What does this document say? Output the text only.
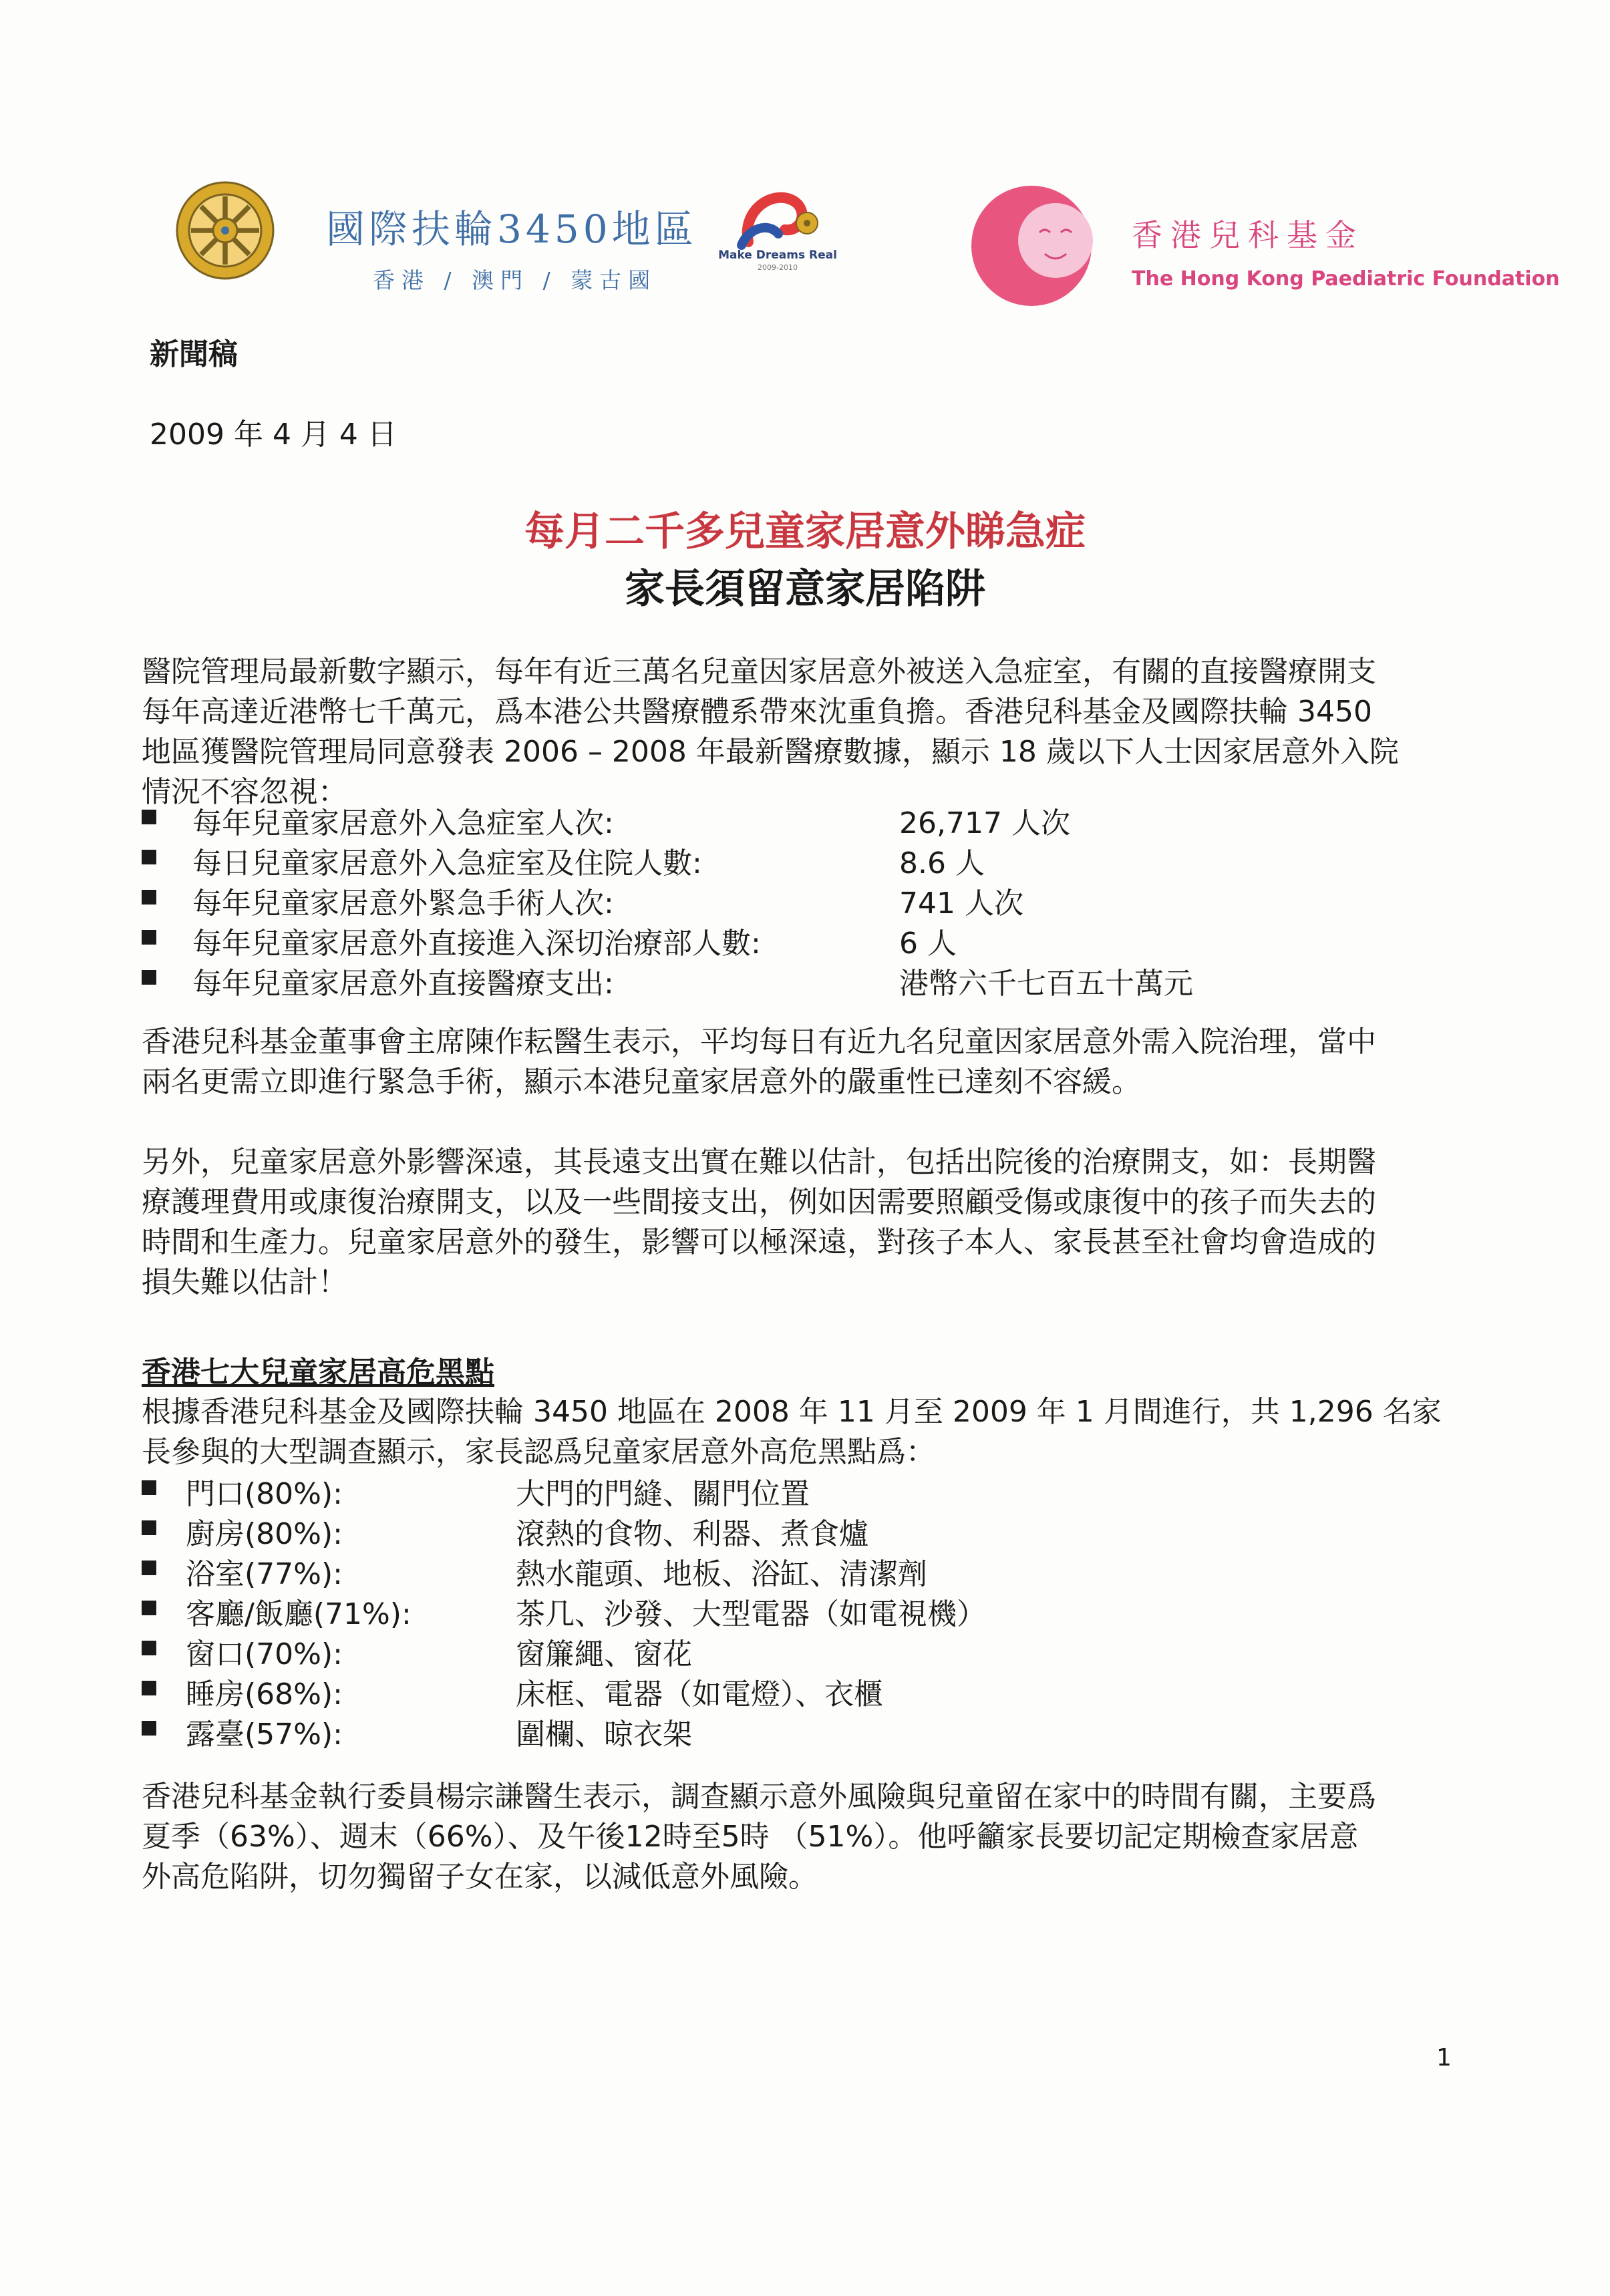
國際扶輪3450地區
香港 / 澳門 / 蒙古國
Make Dreams Real
2009-2010
香港兒科基金
The Hong Kong Paediatric Foundation
新聞稿
2009 年 4 月 4 日
每月二千多兒童家居意外睇急症
家長須留意家居陷阱
醫院管理局最新數字顯示，每年有近三萬名兒童因家居意外被送入急症室，有關的直接醫療開支
每年高達近港幣七千萬元，爲本港公共醫療體系帶來沈重負擔。香港兒科基金及國際扶輪 3450
地區獲醫院管理局同意發表 2006 – 2008 年最新醫療數據，顯示 18 歲以下人士因家居意外入院
情況不容忽視：
每年兒童家居意外入急症室人次:	26,717 人次
每日兒童家居意外入急症室及住院人數:	8.6 人
每年兒童家居意外緊急手術人次:	741 人次
每年兒童家居意外直接進入深切治療部人數:	6 人
每年兒童家居意外直接醫療支出:	港幣六千七百五十萬元
香港兒科基金董事會主席陳作耘醫生表示，平均每日有近九名兒童因家居意外需入院治理，當中
兩名更需立即進行緊急手術，顯示本港兒童家居意外的嚴重性已達刻不容緩。
另外，兒童家居意外影響深遠，其長遠支出實在難以估計，包括出院後的治療開支，如：長期醫
療護理費用或康復治療開支，以及一些間接支出，例如因需要照顧受傷或康復中的孩子而失去的
時間和生產力。兒童家居意外的發生，影響可以極深遠，對孩子本人、家長甚至社會均會造成的
損失難以估計！
香港七大兒童家居高危黑點
根據香港兒科基金及國際扶輪 3450 地區在 2008 年 11 月至 2009 年 1 月間進行，共 1,296 名家
長參與的大型調查顯示，家長認爲兒童家居意外高危黑點爲：
門口(80%):	大門的門縫、關門位置
廚房(80%):	滾熱的食物、利器、煮食爐
浴室(77%):	熱水龍頭、地板、浴缸、清潔劑
客廳/飯廳(71%):	茶几、沙發、大型電器（如電視機）
窗口(70%):	窗簾繩、窗花
睡房(68%):	床框、電器（如電燈）、衣櫃
露臺(57%):	圍欄、晾衣架
香港兒科基金執行委員楊宗謙醫生表示，調查顯示意外風險與兒童留在家中的時間有關，主要爲
夏季（63%）、週末（66%）、及午後12時至5時 （51%）。他呼籲家長要切記定期檢查家居意
外高危陷阱，切勿獨留子女在家，以減低意外風險。
1
